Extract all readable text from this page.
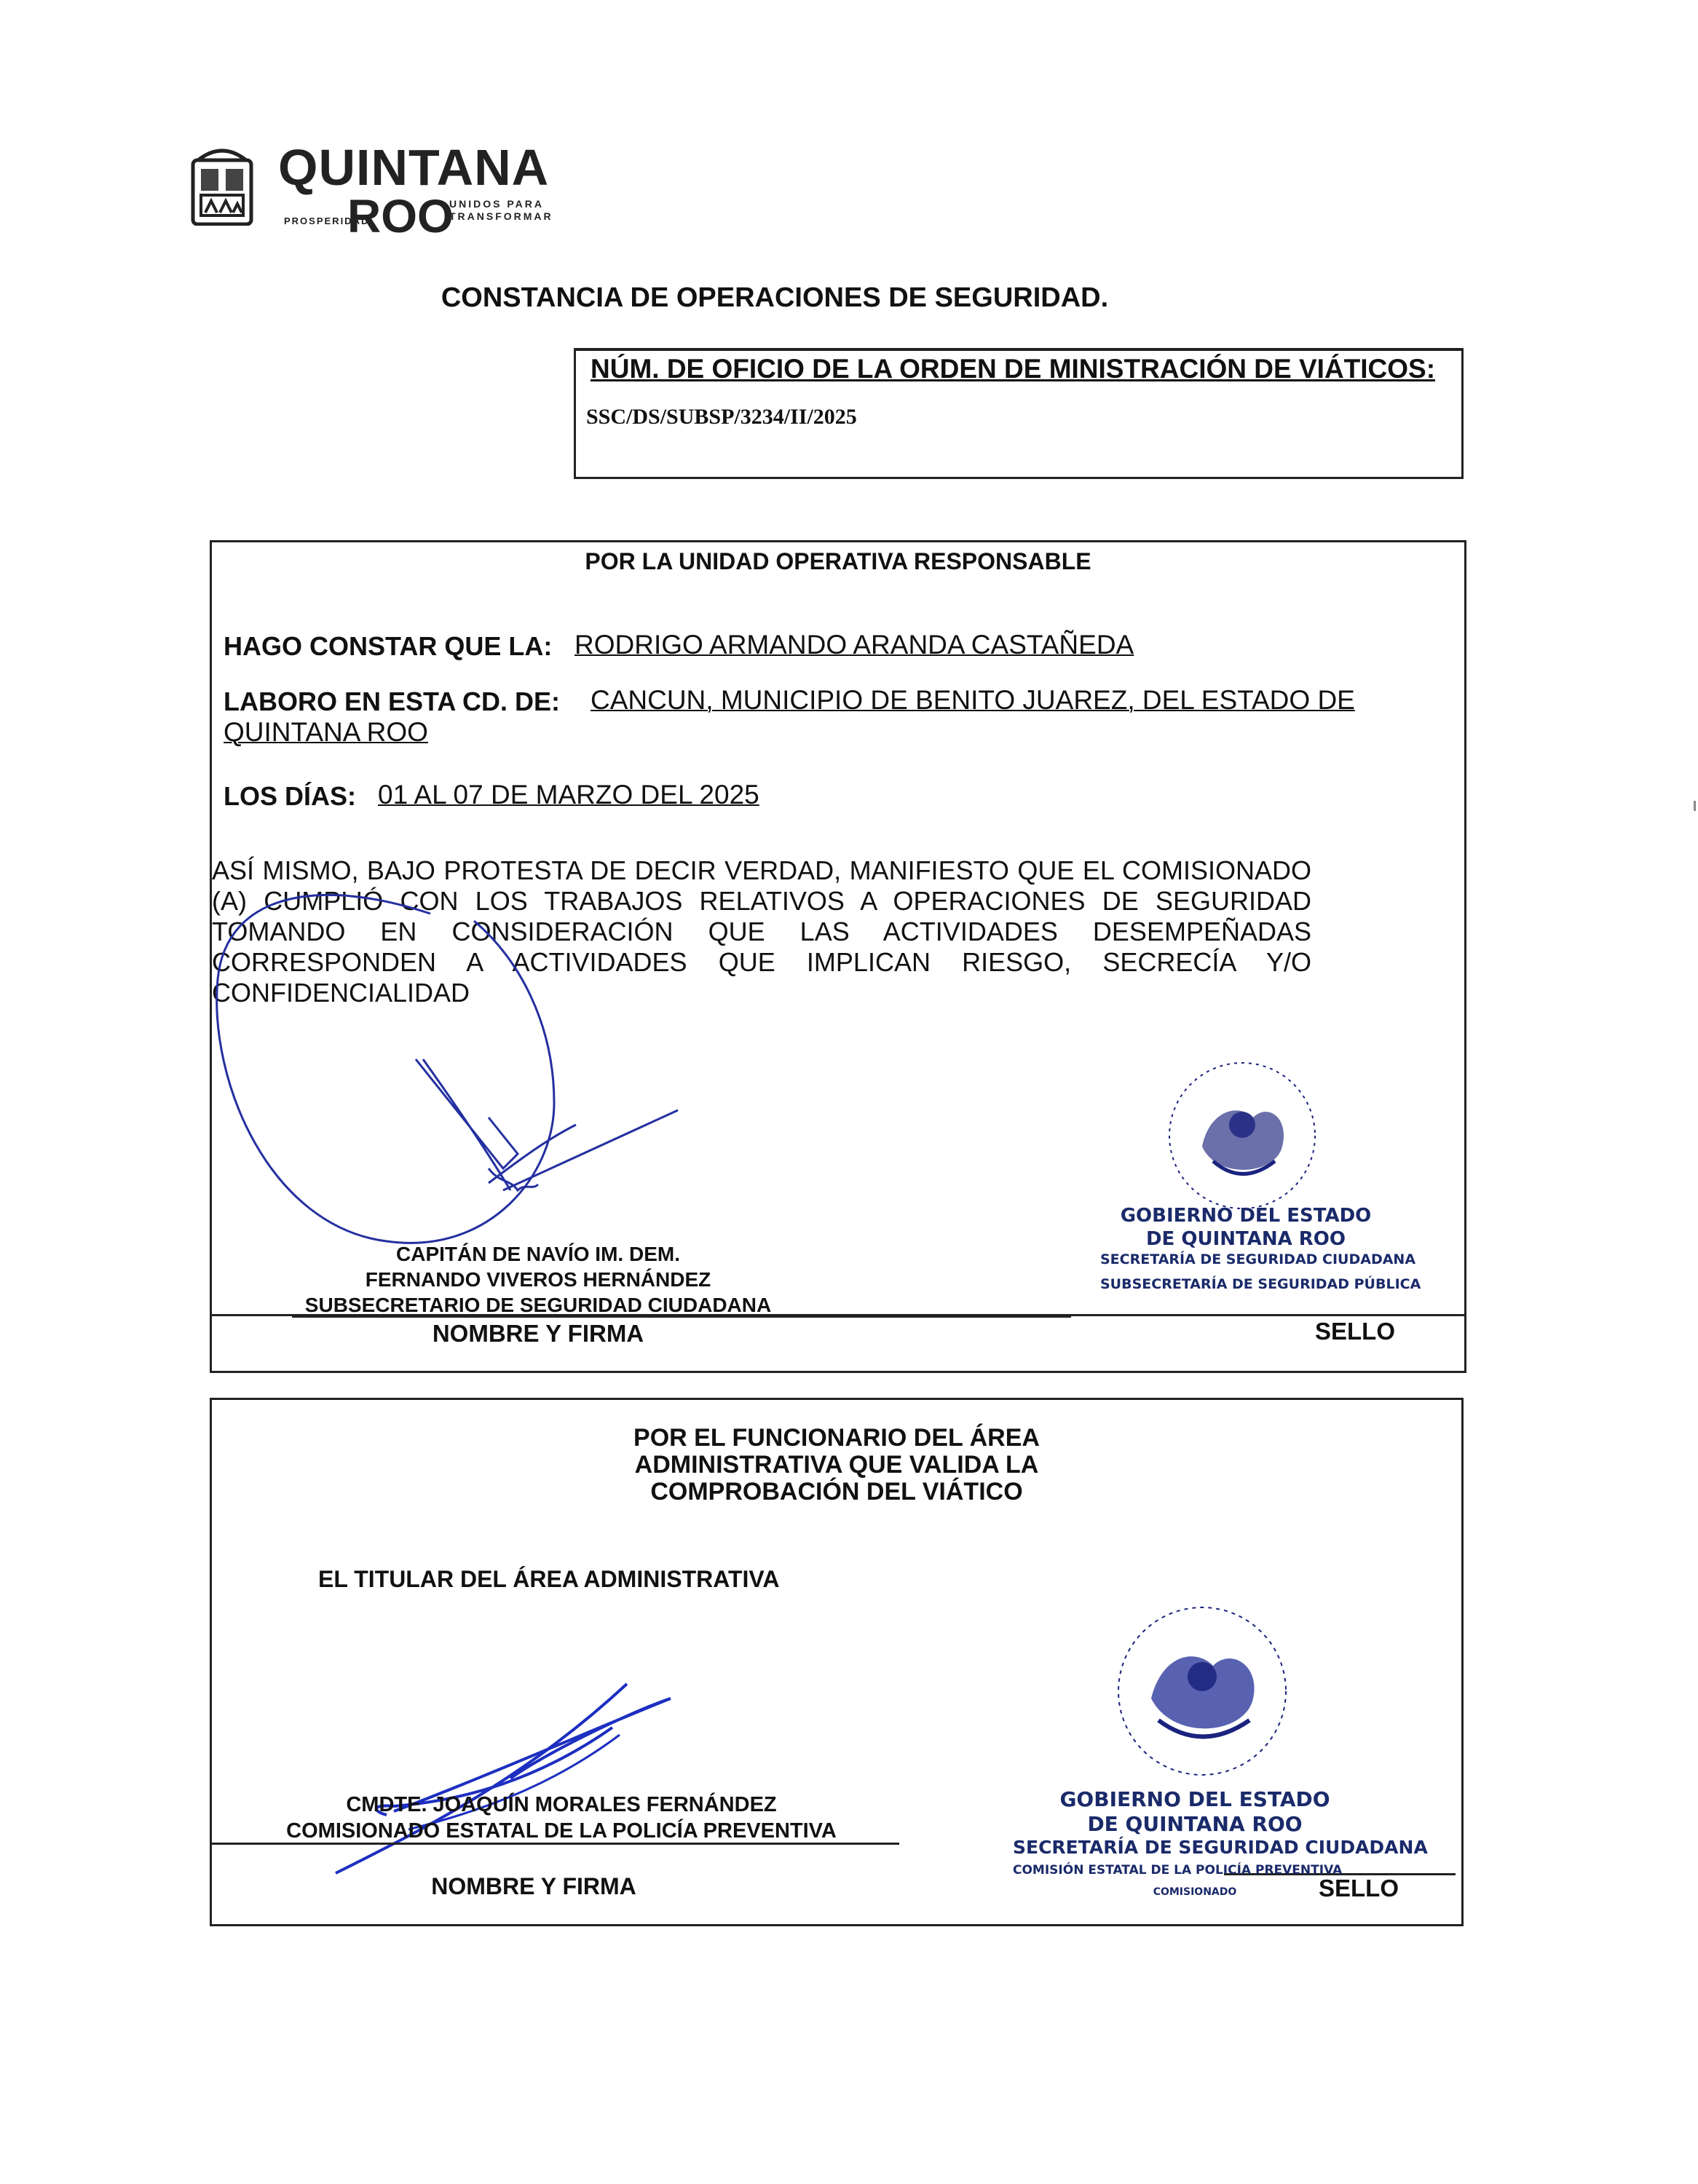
QUINTANA
ROO
UNIDOS PARA TRANSFORMAR
PROSPERIDAD
CONSTANCIA DE OPERACIONES DE SEGURIDAD.
NÚM. DE OFICIO DE LA ORDEN DE MINISTRACIÓN DE VIÁTICOS:
SSC/DS/SUBSP/3234/II/2025
POR LA UNIDAD OPERATIVA RESPONSABLE
HAGO CONSTAR QUE LA: RODRIGO ARMANDO ARANDA CASTAÑEDA
LABORO EN ESTA CD. DE: CANCUN, MUNICIPIO DE BENITO JUAREZ, DEL ESTADO DE
QUINTANA ROO
LOS DÍAS: 01 AL 07 DE MARZO DEL 2025
ASÍ MISMO, BAJO PROTESTA DE DECIR VERDAD, MANIFIESTO QUE EL COMISIONADO (A) CUMPLIÓ CON LOS TRABAJOS RELATIVOS A OPERACIONES DE SEGURIDAD TOMANDO EN CONSIDERACIÓN QUE LAS ACTIVIDADES DESEMPEÑADAS CORRESPONDEN A ACTIVIDADES QUE IMPLICAN RIESGO, SECRECÍA Y/O CONFIDENCIALIDAD
CAPITÁN DE NAVÍO IM. DEM.
FERNANDO VIVEROS HERNÁNDEZ
SUBSECRETARIO DE SEGURIDAD CIUDADANA
NOMBRE Y FIRMA	SELLO
GOBIERNO DEL ESTADO
DE QUINTANA ROO
SECRETARÍA DE SEGURIDAD CIUDADANA
SUBSECRETARÍA DE SEGURIDAD PÚBLICA
POR EL FUNCIONARIO DEL ÁREA
ADMINISTRATIVA QUE VALIDA LA
COMPROBACIÓN DEL VIÁTICO
EL TITULAR DEL ÁREA ADMINISTRATIVA
CMDTE. JOAQUÍN MORALES FERNÁNDEZ
COMISIONADO ESTATAL DE LA POLICÍA PREVENTIVA
NOMBRE Y FIRMA	SELLO
GOBIERNO DEL ESTADO
DE QUINTANA ROO
SECRETARÍA DE SEGURIDAD CIUDADANA
COMISIÓN ESTATAL DE LA POLICÍA PREVENTIVA
COMISIONADO
